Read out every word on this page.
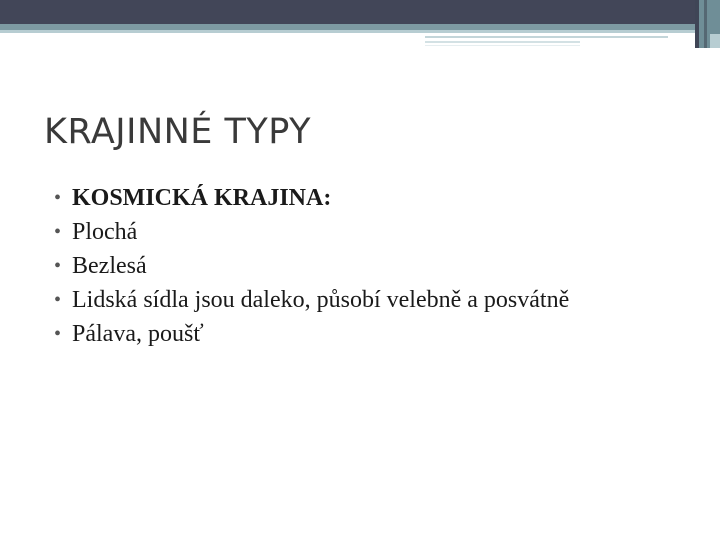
KRAJINNÉ TYPY
• KOSMICKÁ KRAJINA:
• Plochá
• Bezlesá
• Lidská sídla jsou daleko, působí velebně a posvátně
• Pálava, poušť
